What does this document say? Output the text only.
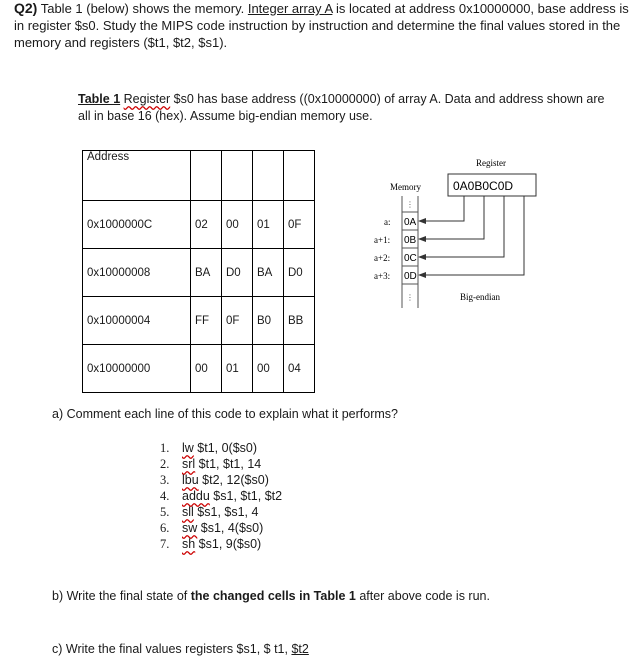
Q2) Table 1 (below) shows the memory. Integer array A is located at address 0x10000000, base address is in register $s0. Study the MIPS code instruction by instruction and determine the final values stored in the memory and registers ($t1, $t2, $s1).
Table 1 Register $s0 has base address ((0x10000000) of array A. Data and address shown are all in base 16 (hex). Assume big-endian memory use.
Address				
0x1000000C	02	00	01	0F
0x10000008	BA	D0	BA	D0
0x10000004	FF	0F	B0	BB
0x10000000	00	01	00	04
Register
0A0B0C0D
Memory
⋮
⋮
a:
a+1:
a+2:
a+3:
0A
0B
0C
0D
Big-endian
a) Comment each line of this code to explain what it performs?
1. lw $t1, 0($s0)
2. srl $t1, $t1, 14
3. lbu $t2, 12($s0)
4. addu $s1, $t1, $t2
5. sll $s1, $s1, 4
6. sw $s1, 4($s0)
7. sh $s1, 9($s0)
b) Write the final state of the changed cells in Table 1 after above code is run.
c) Write the final values registers $s1, $ t1, $t2
